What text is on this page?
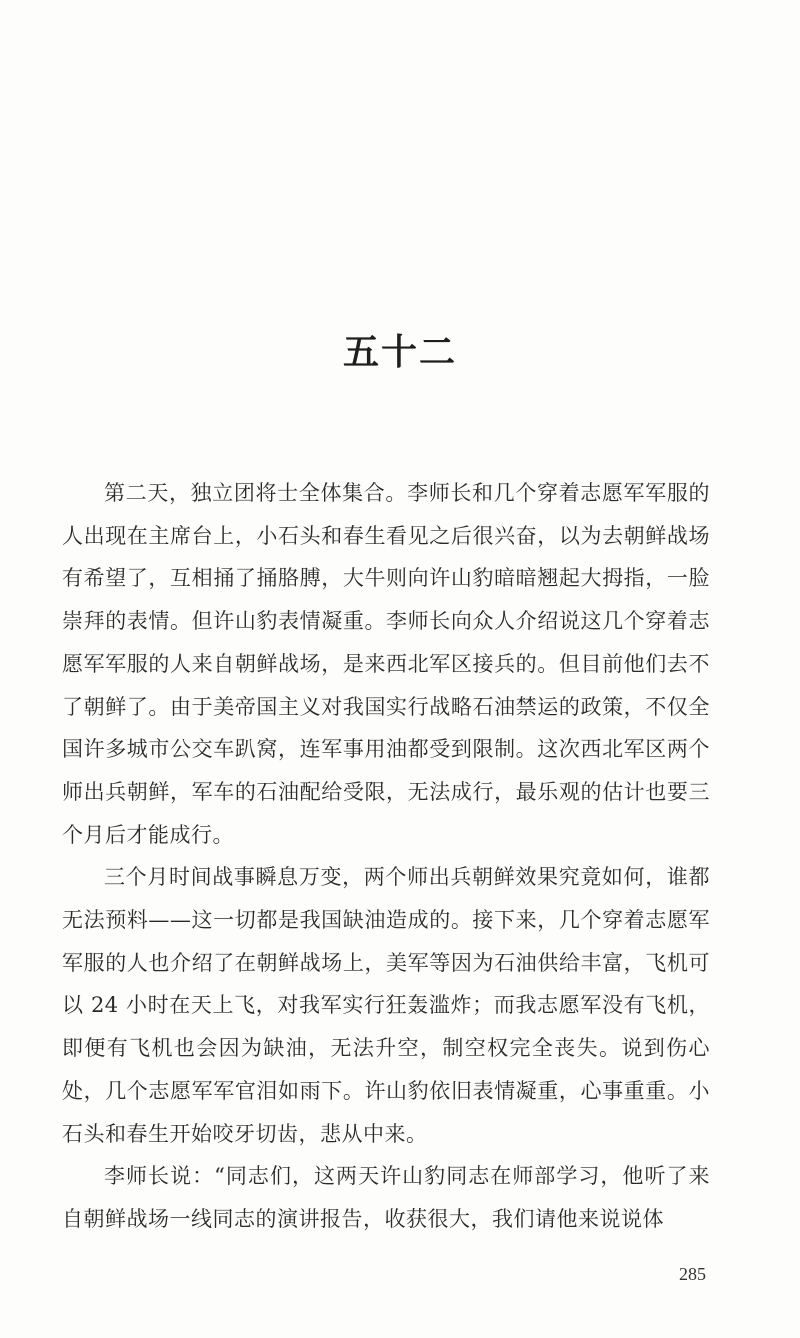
五十二

第二天，独立团将士全体集合。李师长和几个穿着志愿军军服的人出现在主席台上，小石头和春生看见之后很兴奋，以为去朝鲜战场有希望了，互相捅了捅胳膊，大牛则向许山豹暗暗翘起大拇指，一脸崇拜的表情。但许山豹表情凝重。李师长向众人介绍说这几个穿着志愿军军服的人来自朝鲜战场，是来西北军区接兵的。但目前他们去不了朝鲜了。由于美帝国主义对我国实行战略石油禁运的政策，不仅全国许多城市公交车趴窝，连军事用油都受到限制。这次西北军区两个师出兵朝鲜，军车的石油配给受限，无法成行，最乐观的估计也要三个月后才能成行。

三个月时间战事瞬息万变，两个师出兵朝鲜效果究竟如何，谁都无法预料——这一切都是我国缺油造成的。接下来，几个穿着志愿军军服的人也介绍了在朝鲜战场上，美军等因为石油供给丰富，飞机可以 24 小时在天上飞，对我军实行狂轰滥炸；而我志愿军没有飞机，即便有飞机也会因为缺油，无法升空，制空权完全丧失。说到伤心处，几个志愿军军官泪如雨下。许山豹依旧表情凝重，心事重重。小石头和春生开始咬牙切齿，悲从中来。

李师长说：“同志们，这两天许山豹同志在师部学习，他听了来自朝鲜战场一线同志的演讲报告，收获很大，我们请他来说说体

285
